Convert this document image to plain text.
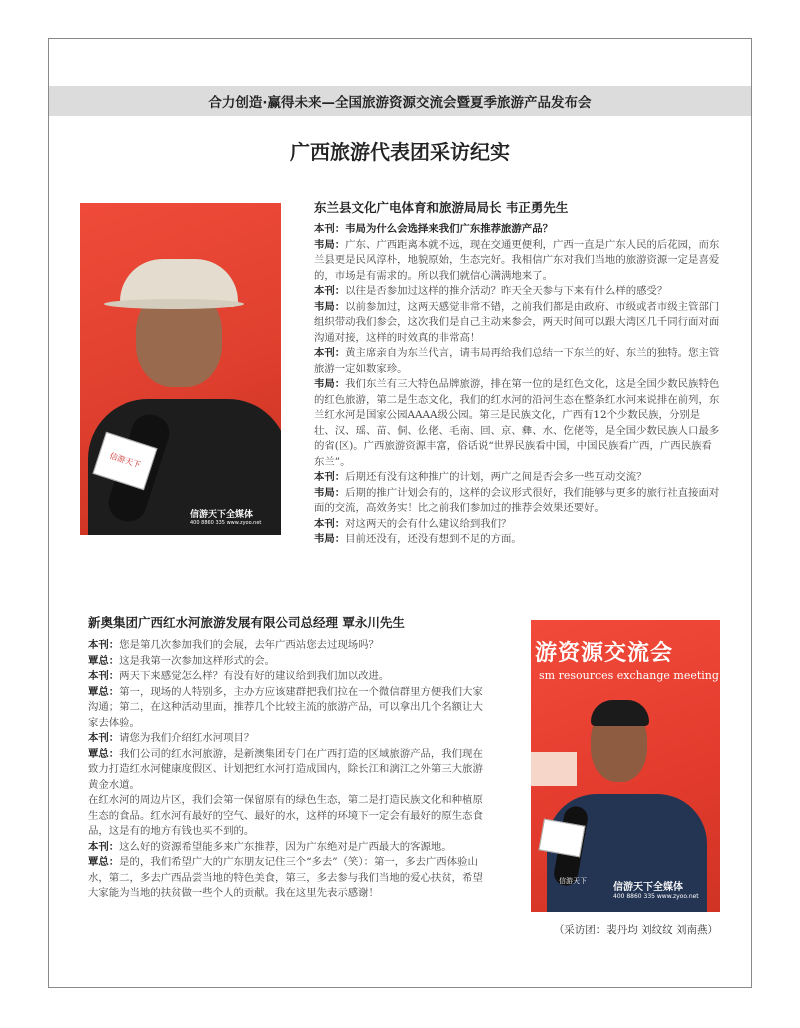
合力创造·赢得未来—全国旅游资源交流会暨夏季旅游产品发布会
广西旅游代表团采访纪实
信游天下
信游天下全媒体
400 8860 335 www.zyoo.net
东兰县文化广电体育和旅游局局长 韦正勇先生

本刊：韦局为什么会选择来我们广东推荐旅游产品？

韦局：广东、广西距离本就不远，现在交通更便利，广西一直是广东人民的后花园，而东兰县更是民风淳朴，地貌原始，生态完好。我相信广东对我们当地的旅游资源一定是喜爱的，市场是有需求的。所以我们就信心满满地来了。

本刊：以往是否参加过这样的推介活动？昨天全天参与下来有什么样的感受？

韦局：以前参加过，这两天感觉非常不错，之前我们都是由政府、市级或者市级主管部门组织带动我们参会，这次我们是自己主动来参会，两天时间可以跟大湾区几千同行面对面沟通对接，这样的时效真的非常高！

本刊：黄主席亲自为东兰代言，请韦局再给我们总结一下东兰的好、东兰的独特。您主管旅游一定如数家珍。

韦局：我们东兰有三大特色品牌旅游，排在第一位的是红色文化，这是全国少数民族特色的红色旅游，第二是生态文化，我们的红水河的沿河生态在整条红水河来说排在前列，东兰红水河是国家公园AAAA级公园。第三是民族文化，广西有12个少数民族，分别是壮、汉、瑶、苗、侗、仫佬、毛南、回、京、彝、水、仡佬等，是全国少数民族人口最多的省(区)。广西旅游资源丰富，俗话说“世界民族看中国，中国民族看广西，广西民族看东兰”。

本刊：后期还有没有这种推广的计划，两广之间是否会多一些互动交流？

韦局：后期的推广计划会有的，这样的会议形式很好，我们能够与更多的旅行社直接面对面的交流，高效务实！比之前我们参加过的推荐会效果还要好。

本刊：对这两天的会有什么建议给到我们？

韦局：目前还没有，还没有想到不足的方面。

新奥集团广西红水河旅游发展有限公司总经理 覃永川先生

本刊：您是第几次参加我们的会展，去年广西站您去过现场吗？

覃总：这是我第一次参加这样形式的会。

本刊：两天下来感觉怎么样？有没有好的建议给到我们加以改进。

覃总：第一，现场的人特别多，主办方应该建群把我们拉在一个微信群里方便我们大家沟通；第二，在这种活动里面，推荐几个比较主流的旅游产品，可以拿出几个名额让大家去体验。

本刊：请您为我们介绍红水河项目？

覃总：我们公司的红水河旅游，是新澳集团专门在广西打造的区域旅游产品，我们现在致力打造红水河健康度假区、计划把红水河打造成国内，除长江和漓江之外第三大旅游黄金水道。

在红水河的周边片区，我们会第一保留原有的绿色生态，第二是打造民族文化和种植原生态的食品。红水河有最好的空气、最好的水，这样的环境下一定会有最好的原生态食品，这是有的地方有钱也买不到的。

本刊：这么好的资源希望能多来广东推荐，因为广东绝对是广西最大的客源地。

覃总：是的，我们希望广大的广东朋友记住三个“多去”（笑）：第一，多去广西体验山水，第二，多去广西品尝当地的特色美食，第三，多去参与我们当地的爱心扶贫，希望大家能为当地的扶贫做一些个人的贡献。我在这里先表示感谢！

游资源交流会
sm resources exchange meeting
信游天下
信游天下全媒体
400 8860 335 www.zyoo.net
（采访团：裴丹均 刘纹纹 刘南燕）
